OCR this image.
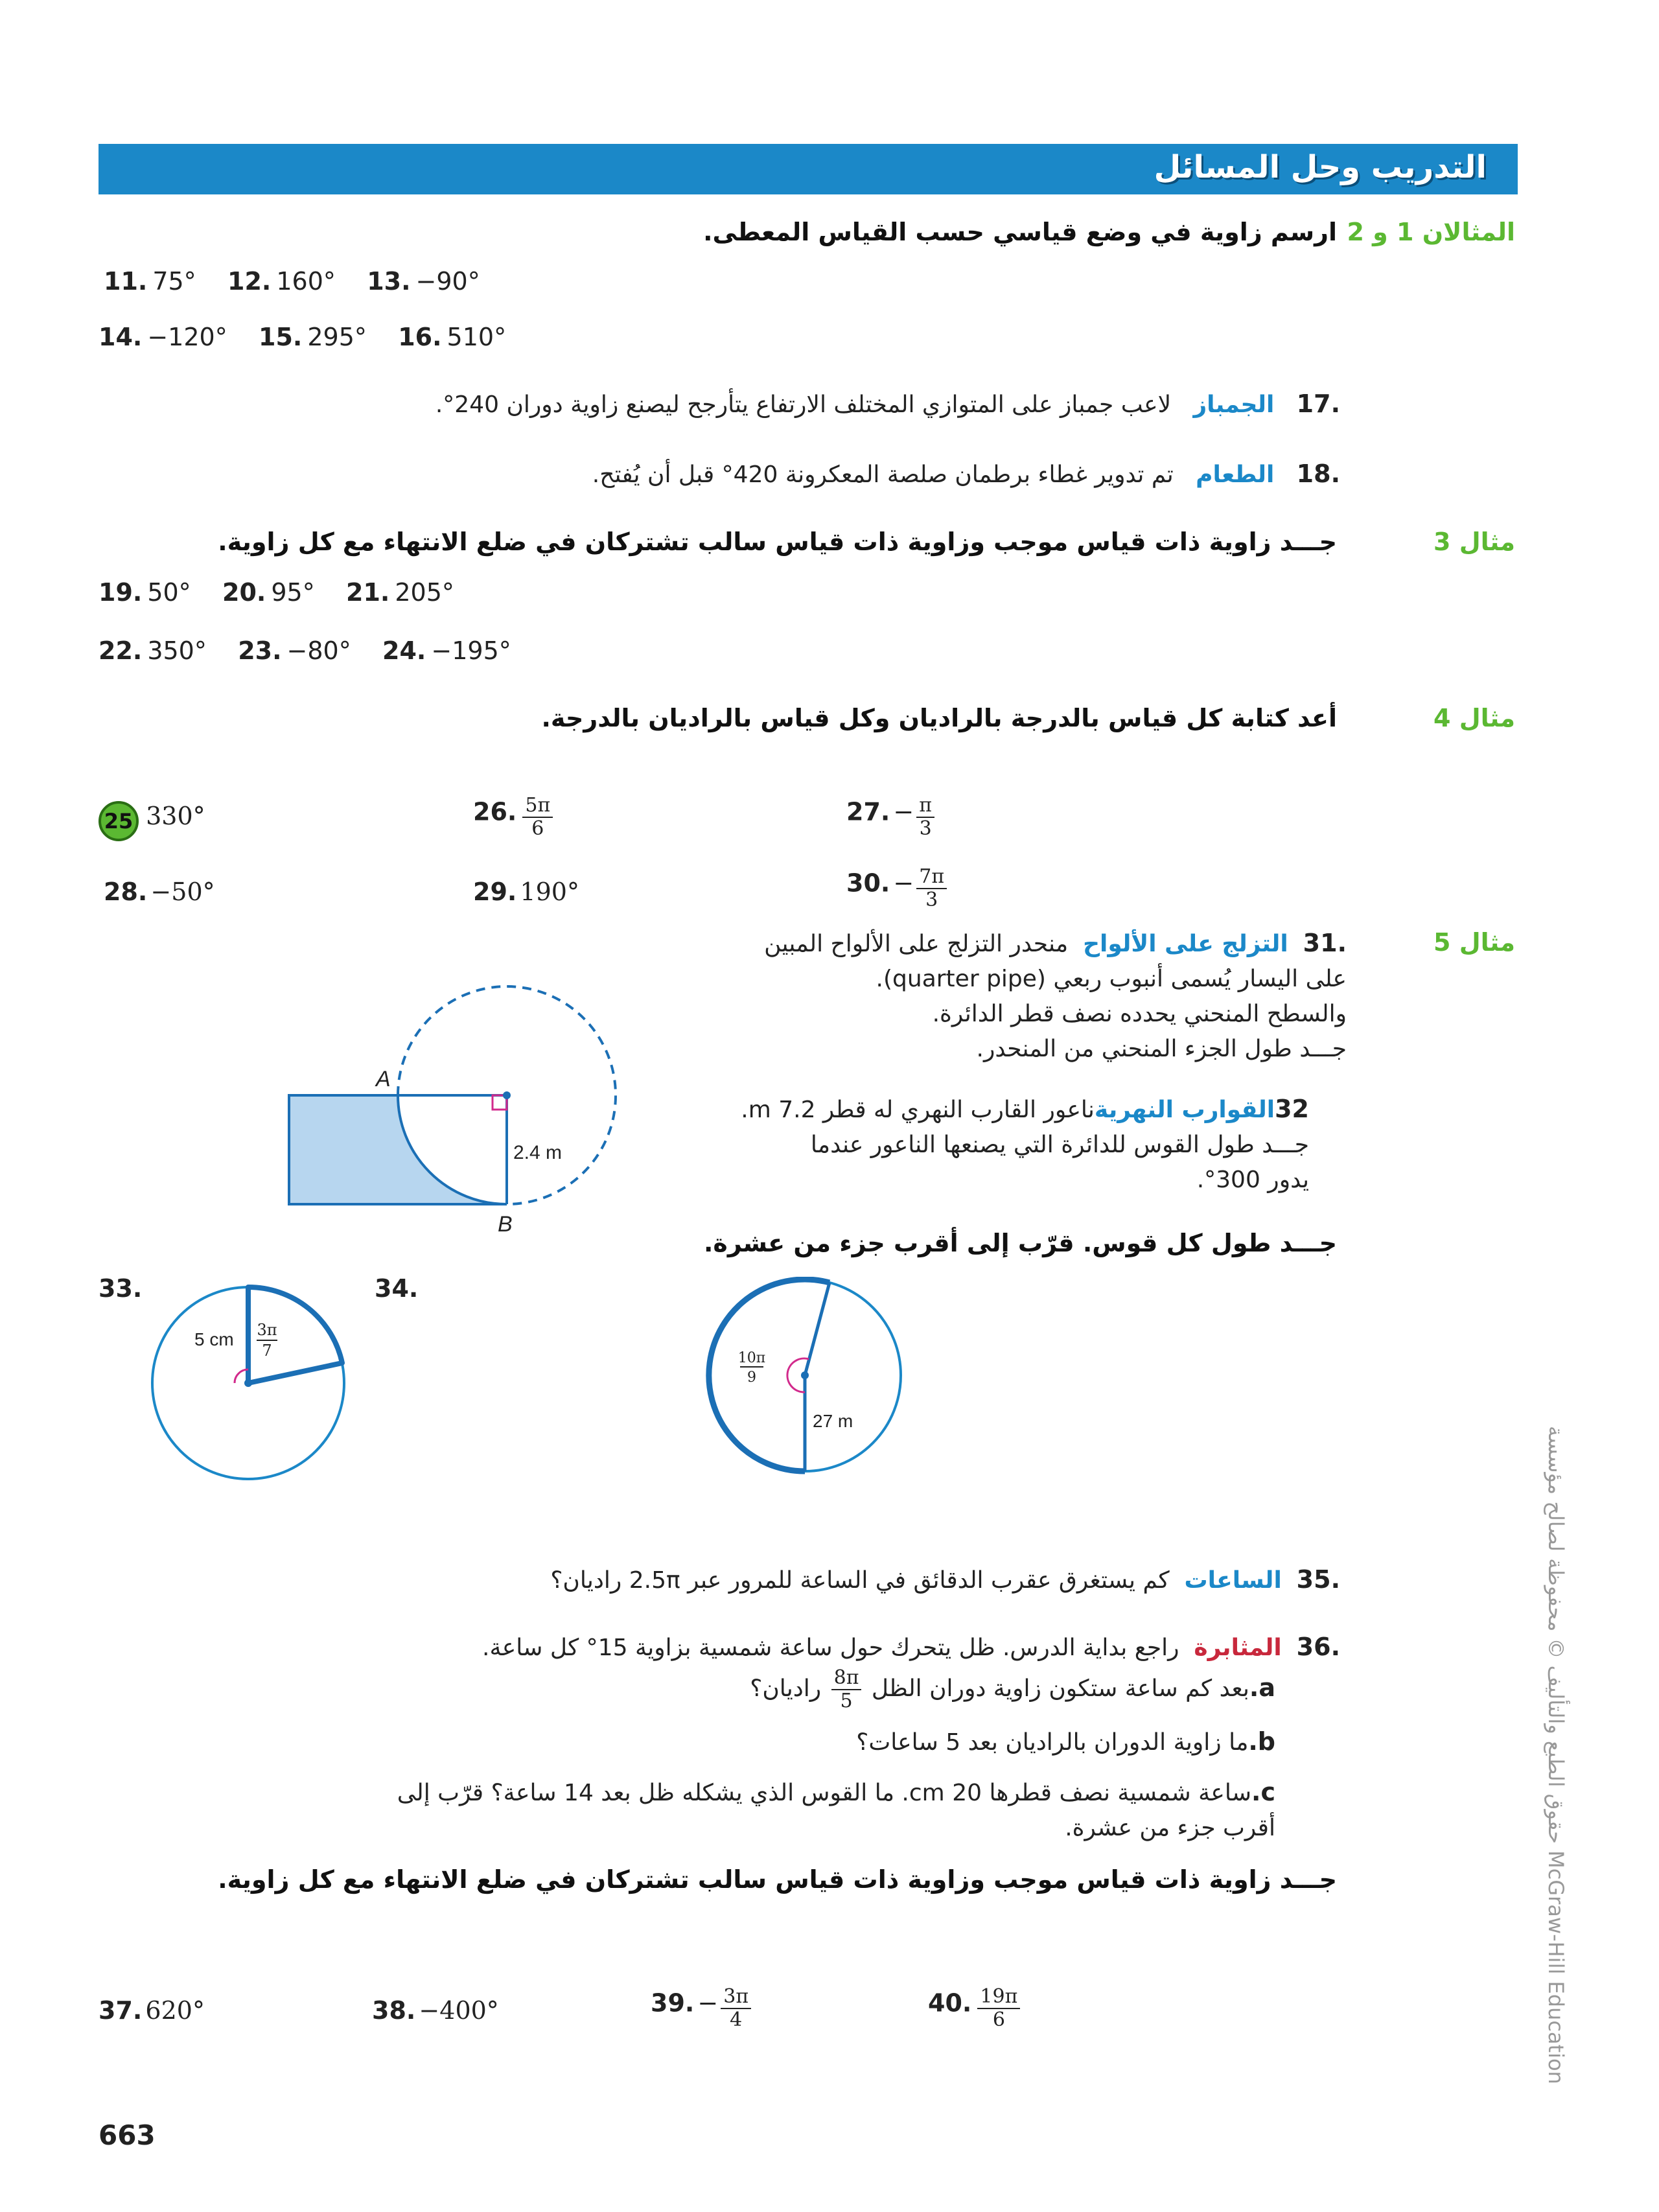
التدريب وحل المسائل
المثالان 1 و 2
ارسم زاوية في وضع قياسي حسب القياس المعطى.
11. 75° 12. 160° 13. −90°
14. −120° 15. 295° 16. 510°
.17   الجمباز   لاعب جمباز على المتوازي المختلف الارتفاع يتأرجح ليصنع زاوية دوران 240°.
.18   الطعام   تم تدوير غطاء برطمان صلصة المعكرونة 420° قبل أن يُفتح.
مثال 3
جـــد زاوية ذات قياس موجب وزاوية ذات قياس سالب تشتركان في ضلع الانتهاء مع كل زاوية.
19. 50° 20. 95° 21. 205°
22. 350° 23. −80° 24. −195°
مثال 4
أعد كتابة كل قياس بالدرجة بالراديان وكل قياس بالراديان بالدرجة.
25 330°	26. $\frac{5\pi}{6}$	27. − $\frac{\pi}{3}$
28. −50°	29. 190°	30. − $\frac{7\pi}{3}$
مثال 5
.31  التزلج على الألواح  منحدر التزلج على الألواح المبين
على اليسار يُسمى أنبوب ربعي (quarter pipe).
والسطح المنحني يحدده نصف قطر الدائرة.
جـــد طول الجزء المنحني من المنحدر.
32القوارب النهريةناعور القارب النهري له قطر 7.2 m.
جـــد طول القوس للدائرة التي يصنعها الناعور عندما
يدور 300°.
A
B
2.4 m
جـــد طول كل قوس. قرّب إلى أقرب جزء من عشرة.
33.
5 cm 3π
7
34.
10π
9
27 m
.35  الساعات  كم يستغرق عقرب الدقائق في الساعة للمرور عبر 2.5π راديان؟
.36  المثابرة  راجع بداية الدرس. ظل يتحرك حول ساعة شمسية بزاوية 15° كل ساعة.
a.بعد كم ساعة ستكون زاوية دوران الظل
$\frac{8\pi}{5}$
راديان؟
b.ما زاوية الدوران بالراديان بعد 5 ساعات؟
c.ساعة شمسية نصف قطرها 20 cm. ما القوس الذي يشكله ظل بعد 14 ساعة؟ قرّب إلى
أقرب جزء من عشرة.
جـــد زاوية ذات قياس موجب وزاوية ذات قياس سالب تشتركان في ضلع الانتهاء مع كل زاوية.
37. 620°	38. −400°	39. − $\frac{3\pi}{4}$	40. $\frac{19\pi}{6}$
663
حقوق الطبع والتأليف © محفوظة لصالح مؤسسة McGraw-Hill Education
